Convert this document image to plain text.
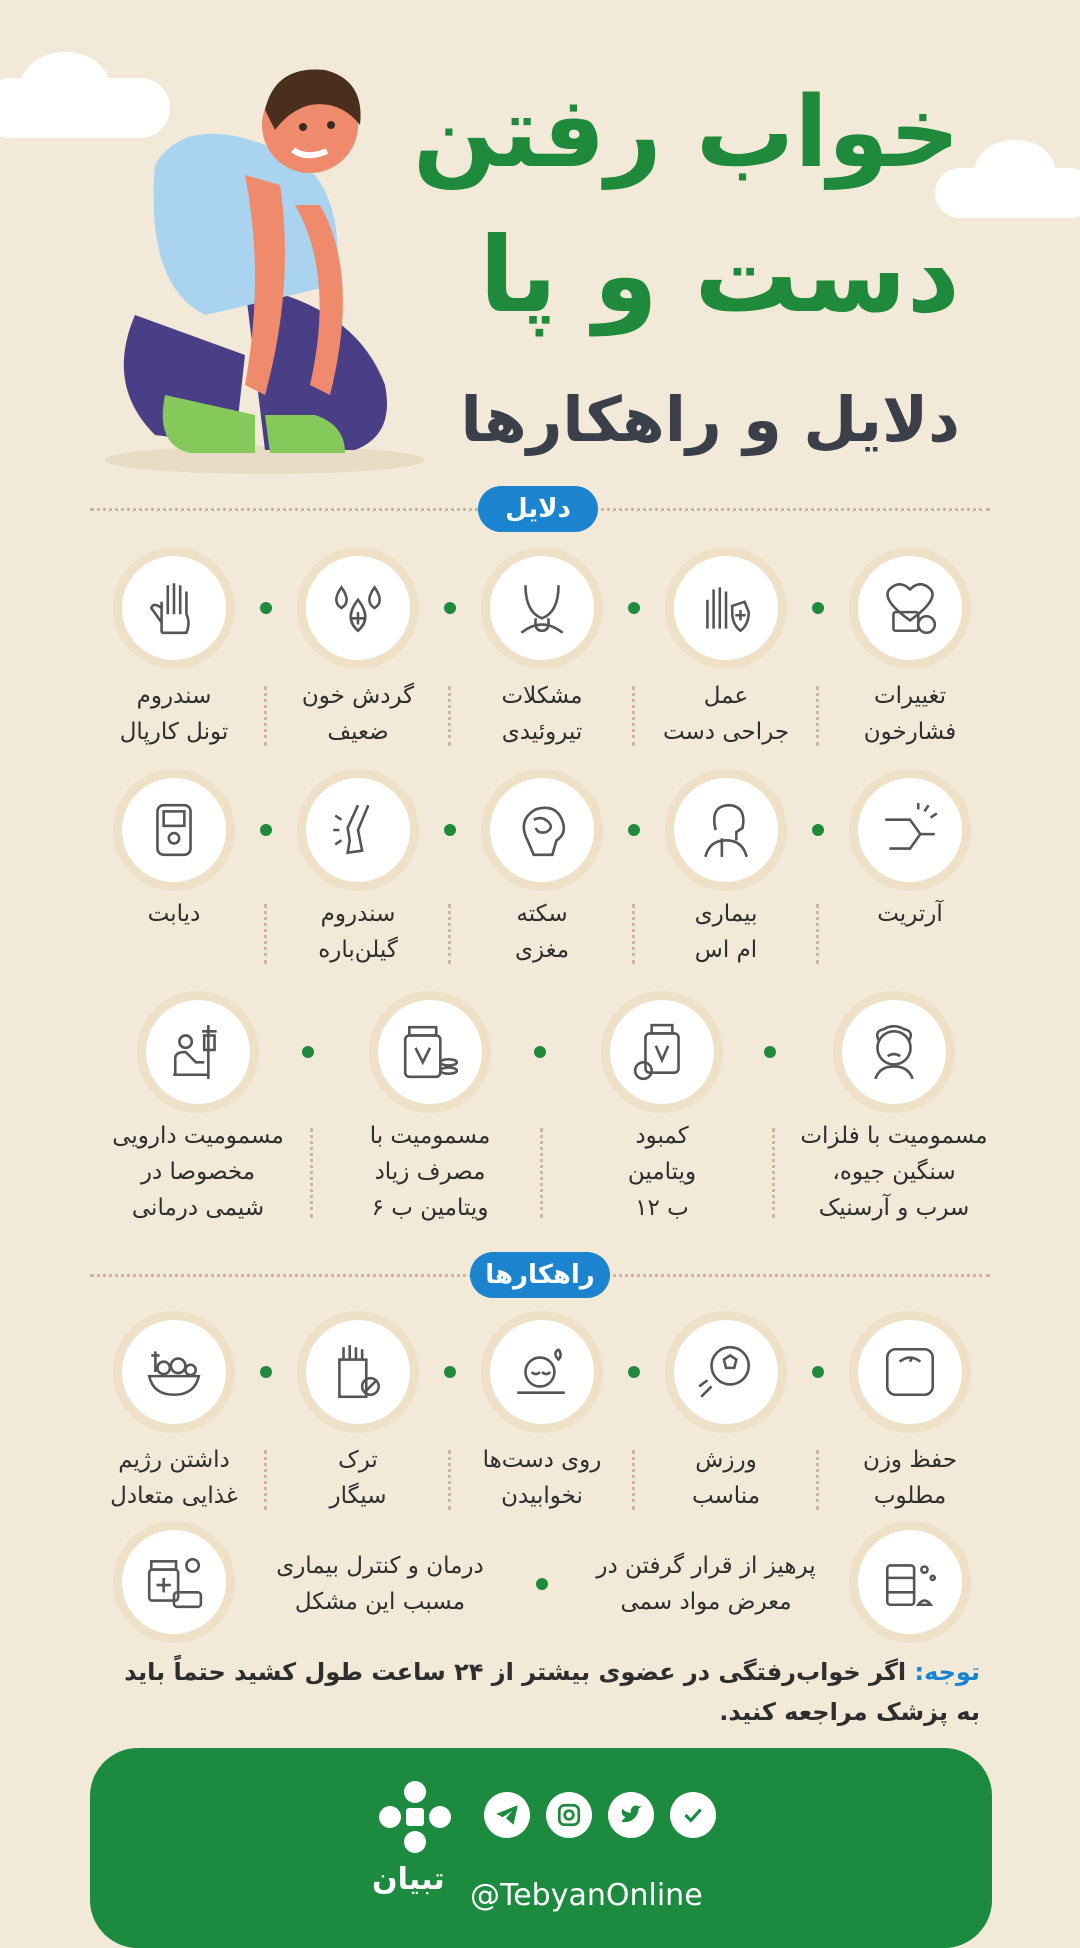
خواب رفتن
دست و پا
دلایل و راهکارها
دلایل
تغییرات
فشارخون
عمل
جراحی دست
مشکلات
تیروئیدی
گردش خون
ضعیف
سندروم
تونل کارپال
آرتریت
بیماری
ام اس
سکته
مغزی
سندروم
گیلن‌باره
دیابت
مسمومیت با فلزات
سنگین جیوه،
سرب و آرسنیک
کمبود
ویتامین
ب ۱۲
مسمومیت با
مصرف زیاد
ویتامین ب ۶
مسمومیت دارویی
مخصوصا در
شیمی درمانی
راهکارها
حفظ وزن
مطلوب
ورزش
مناسب
روی دست‌ها
نخوابیدن
ترک
سیگار
داشتن رژیم
غذایی متعادل
پرهیز از قرار گرفتن در
معرض مواد سمی
درمان و کنترل بیماری
مسبب این مشکل
توجه: اگر خواب‌رفتگی در عضوی بیشتر از ۲۴ ساعت طول کشید حتماً باید به پزشک مراجعه کنید.
@TebyanOnline
تبیان
